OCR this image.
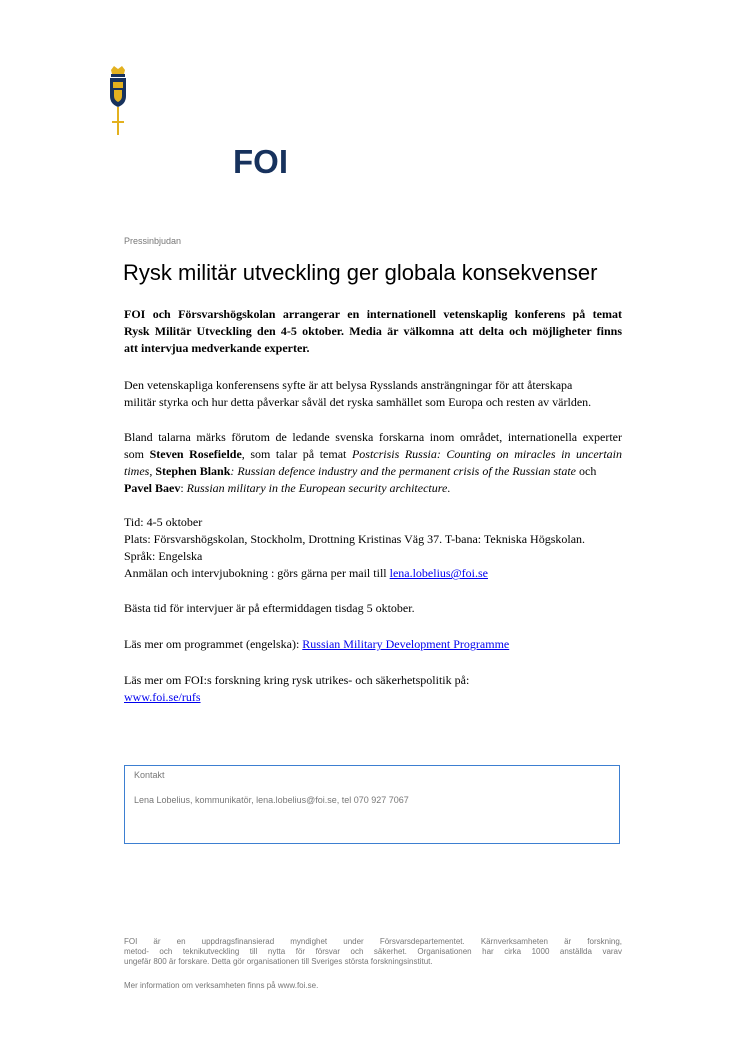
FOI
Pressinbjudan
Rysk militär utveckling ger globala konsekvenser
FOI och Försvarshögskolan arrangerar en internationell vetenskaplig konferens på temat
Rysk Militär Utveckling den 4-5 oktober. Media är välkomna att delta och möjligheter finns
att intervjua medverkande experter.
Den vetenskapliga konferensens syfte är att belysa Rysslands ansträngningar för att återskapa
militär styrka och hur detta påverkar såväl det ryska samhället som Europa och resten av världen.
Bland talarna märks förutom de ledande svenska forskarna inom området, internationella experter
som Steven Rosefielde, som talar på temat Postcrisis Russia: Counting on miracles in uncertain
times, Stephen Blank: Russian defence industry and the permanent crisis of the Russian state och
Pavel Baev: Russian military in the European security architecture.
Tid: 4-5 oktober
Plats: Försvarshögskolan, Stockholm, Drottning Kristinas Väg 37. T-bana: Tekniska Högskolan.
Språk: Engelska
Anmälan och intervjubokning : görs gärna per mail till lena.lobelius@foi.se
Bästa tid för intervjuer är på eftermiddagen tisdag 5 oktober.
Läs mer om programmet (engelska): Russian Military Development Programme
Läs mer om FOI:s forskning kring rysk utrikes- och säkerhetspolitik på:
www.foi.se/rufs
Kontakt
Lena Lobelius, kommunikatör, lena.lobelius@foi.se, tel 070 927 7067
FOI är en uppdragsfinansierad myndighet under Försvarsdepartementet. Kärnverksamheten är forskning,
metod- och teknikutveckling till nytta för försvar och säkerhet. Organisationen har cirka 1000 anställda varav
ungefär 800 är forskare. Detta gör organisationen till Sveriges största forskningsinstitut.
Mer information om verksamheten finns på www.foi.se.
